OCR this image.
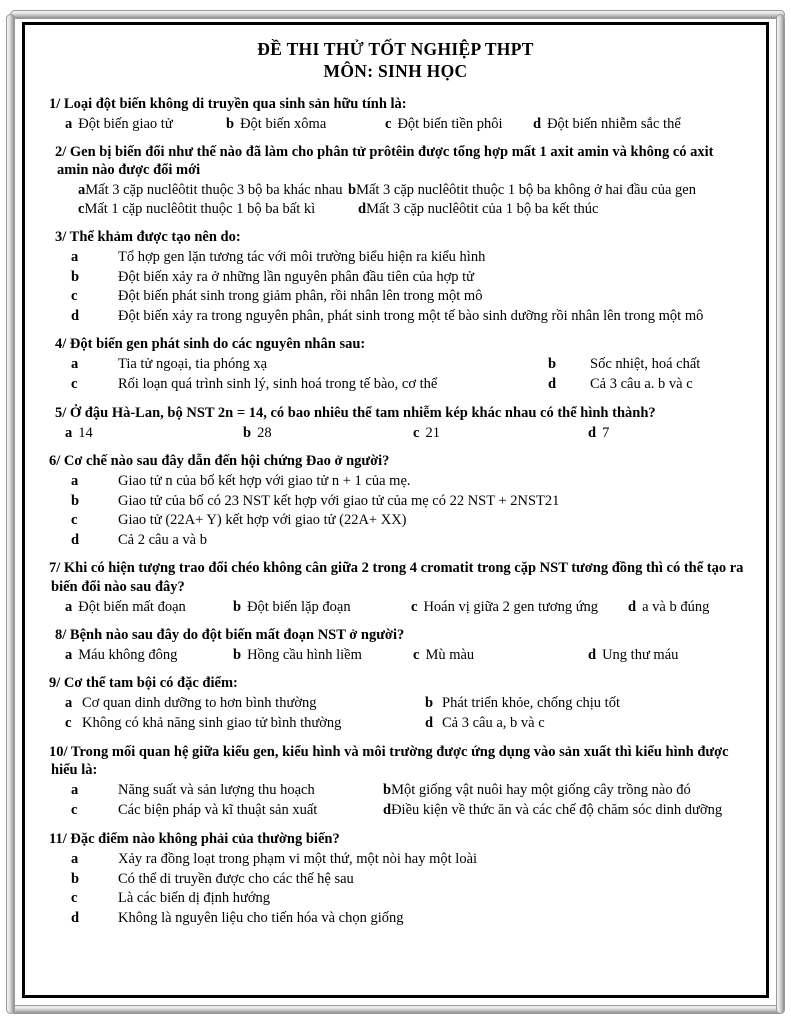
ĐỀ THI THỬ TỐT NGHIỆP THPT
MÔN: SINH HỌC
1/ Loại đột biến không di truyền qua sinh sản hữu tính là:
a Đột biến giao tử	b Đột biến xôma	c Đột biến tiền phôi d Đột biến nhiễm sắc thể
2/ Gen bị biến đổi như thế nào đã làm cho phân tử prôtêin được tổng hợp mất 1 axit amin và không có axit amin nào được đổi mới
aMất 3 cặp nuclêôtit thuộc 3 bộ ba khác nhau bMất 3 cặp nuclêôtit thuộc 1 bộ ba không ở hai đầu của gen
cMất 1 cặp nuclêôtit thuộc 1 bộ ba bất kì	dMất 3 cặp nuclêôtit của 1 bộ ba kết thúc
3/ Thể khảm được tạo nên do:
a	Tổ hợp gen lặn tương tác với môi trường biểu hiện ra kiểu hình
b	Đột biến xảy ra ở những lần nguyên phân đầu tiên của hợp tử
c	Đột biến phát sinh trong giảm phân, rồi nhân lên trong một mô
d	Đột biến xảy ra trong nguyên phân, phát sinh trong một tế bào sinh dưỡng rồi nhân lên trong một mô
4/ Đột biến gen phát sinh do các nguyên nhân sau:
a	Tia tử ngoại, tia phóng xạ	b Sốc nhiệt, hoá chất
c	Rối loạn quá trình sinh lý, sinh hoá trong tế bào, cơ thể	d Cả 3 câu a. b và c
5/ Ở đậu Hà-Lan, bộ NST 2n = 14, có bao nhiêu thể tam nhiễm kép khác nhau có thể hình thành?
a 14	b 28	c 21	d 7
6/ Cơ chế nào sau đây dẫn đến hội chứng Đao ở người?
a	Giao tử n của bố kết hợp với giao tử n + 1 của mẹ.
b	Giao tử của bố có 23 NST kết hợp với giao tử của mẹ có 22 NST + 2NST21
c	Giao tử (22A+ Y) kết hợp với giao tử (22A+ XX)
d	Cả 2 câu a và b
7/ Khi có hiện tượng trao đổi chéo không cân giữa 2 trong 4 cromatit trong cặp NST tương đồng thì có thể tạo ra biến đổi nào sau đây?
a Đột biến mất đoạn	b Đột biến lặp đoạn	c Hoán vị giữa 2 gen tương ứng d a và b đúng
8/ Bệnh nào sau đây do đột biến mất đoạn NST ở người?
a Máu không đông	b Hồng cầu hình liềm	c Mù màu	d Ung thư máu
9/ Cơ thể tam bội có đặc điểm:
a Cơ quan dinh dưỡng to hơn bình thường	b Phát triển khỏe, chống chịu tốt
c Không có khả năng sinh giao tử bình thường	d Cả 3 câu a, b và c
10/ Trong mối quan hệ giữa kiểu gen, kiểu hình và môi trường được ứng dụng vào sản xuất thì kiểu hình được hiểu là:
a	Năng suất và sản lượng thu hoạch	bMột giống vật nuôi hay một giống cây trồng nào đó
c	Các biện pháp và kĩ thuật sản xuất	dĐiều kiện về thức ăn và các chế độ chăm sóc dinh dưỡng
11/ Đặc điểm nào không phải của thường biến?
a	Xảy ra đồng loạt trong phạm vi một thứ, một nòi hay một loài
b	Có thể di truyền được cho các thế hệ sau
c	Là các biến dị định hướng
d	Không là nguyên liệu cho tiến hóa và chọn giống
